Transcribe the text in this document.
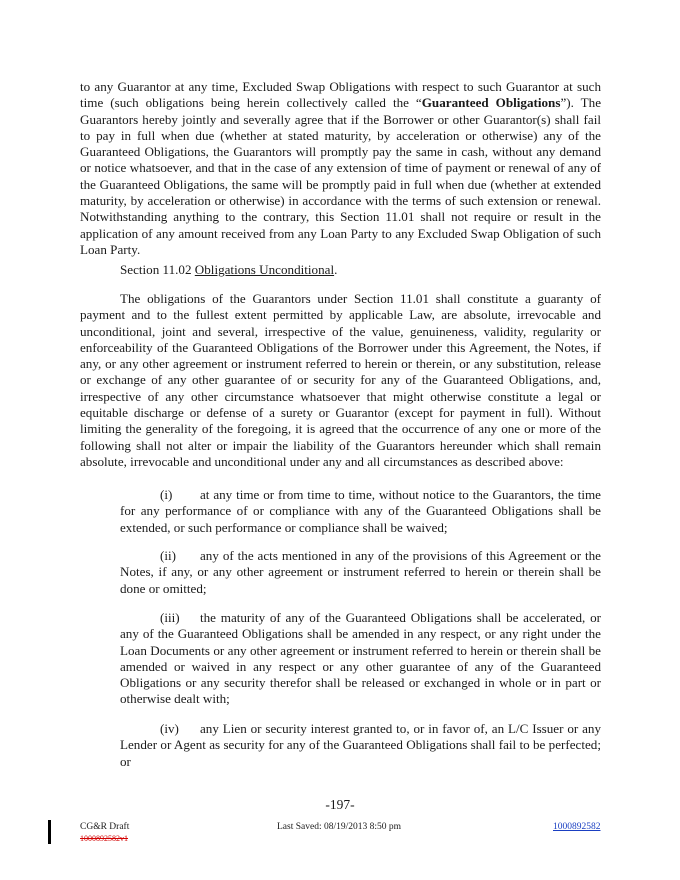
to any Guarantor at any time, Excluded Swap Obligations with respect to such Guarantor at such time (such obligations being herein collectively called the “Guaranteed Obligations”). The Guarantors hereby jointly and severally agree that if the Borrower or other Guarantor(s) shall fail to pay in full when due (whether at stated maturity, by acceleration or otherwise) any of the Guaranteed Obligations, the Guarantors will promptly pay the same in cash, without any demand or notice whatsoever, and that in the case of any extension of time of payment or renewal of any of the Guaranteed Obligations, the same will be promptly paid in full when due (whether at extended maturity, by acceleration or otherwise) in accordance with the terms of such extension or renewal. Notwithstanding anything to the contrary, this Section 11.01 shall not require or result in the application of any amount received from any Loan Party to any Excluded Swap Obligation of such Loan Party.

Section 11.02 Obligations Unconditional.

The obligations of the Guarantors under Section 11.01 shall constitute a guaranty of payment and to the fullest extent permitted by applicable Law, are absolute, irrevocable and unconditional, joint and several, irrespective of the value, genuineness, validity, regularity or enforceability of the Guaranteed Obligations of the Borrower under this Agreement, the Notes, if any, or any other agreement or instrument referred to herein or therein, or any substitution, release or exchange of any other guarantee of or security for any of the Guaranteed Obligations, and, irrespective of any other circumstance whatsoever that might otherwise constitute a legal or equitable discharge or defense of a surety or Guarantor (except for payment in full). Without limiting the generality of the foregoing, it is agreed that the occurrence of any one or more of the following shall not alter or impair the liability of the Guarantors hereunder which shall remain absolute, irrevocable and unconditional under any and all circumstances as described above:

(i) at any time or from time to time, without notice to the Guarantors, the time for any performance of or compliance with any of the Guaranteed Obligations shall be extended, or such performance or compliance shall be waived;

(ii) any of the acts mentioned in any of the provisions of this Agreement or the Notes, if any, or any other agreement or instrument referred to herein or therein shall be done or omitted;

(iii) the maturity of any of the Guaranteed Obligations shall be accelerated, or any of the Guaranteed Obligations shall be amended in any respect, or any right under the Loan Documents or any other agreement or instrument referred to herein or therein shall be amended or waived in any respect or any other guarantee of any of the Guaranteed Obligations or any security therefor shall be released or exchanged in whole or in part or otherwise dealt with;

(iv) any Lien or security interest granted to, or in favor of, an L/C Issuer or any Lender or Agent as security for any of the Guaranteed Obligations shall fail to be perfected; or

-197-
CG&R Draft
1000892582v1
Last Saved: 08/19/2013 8:50 pm	1000892582
